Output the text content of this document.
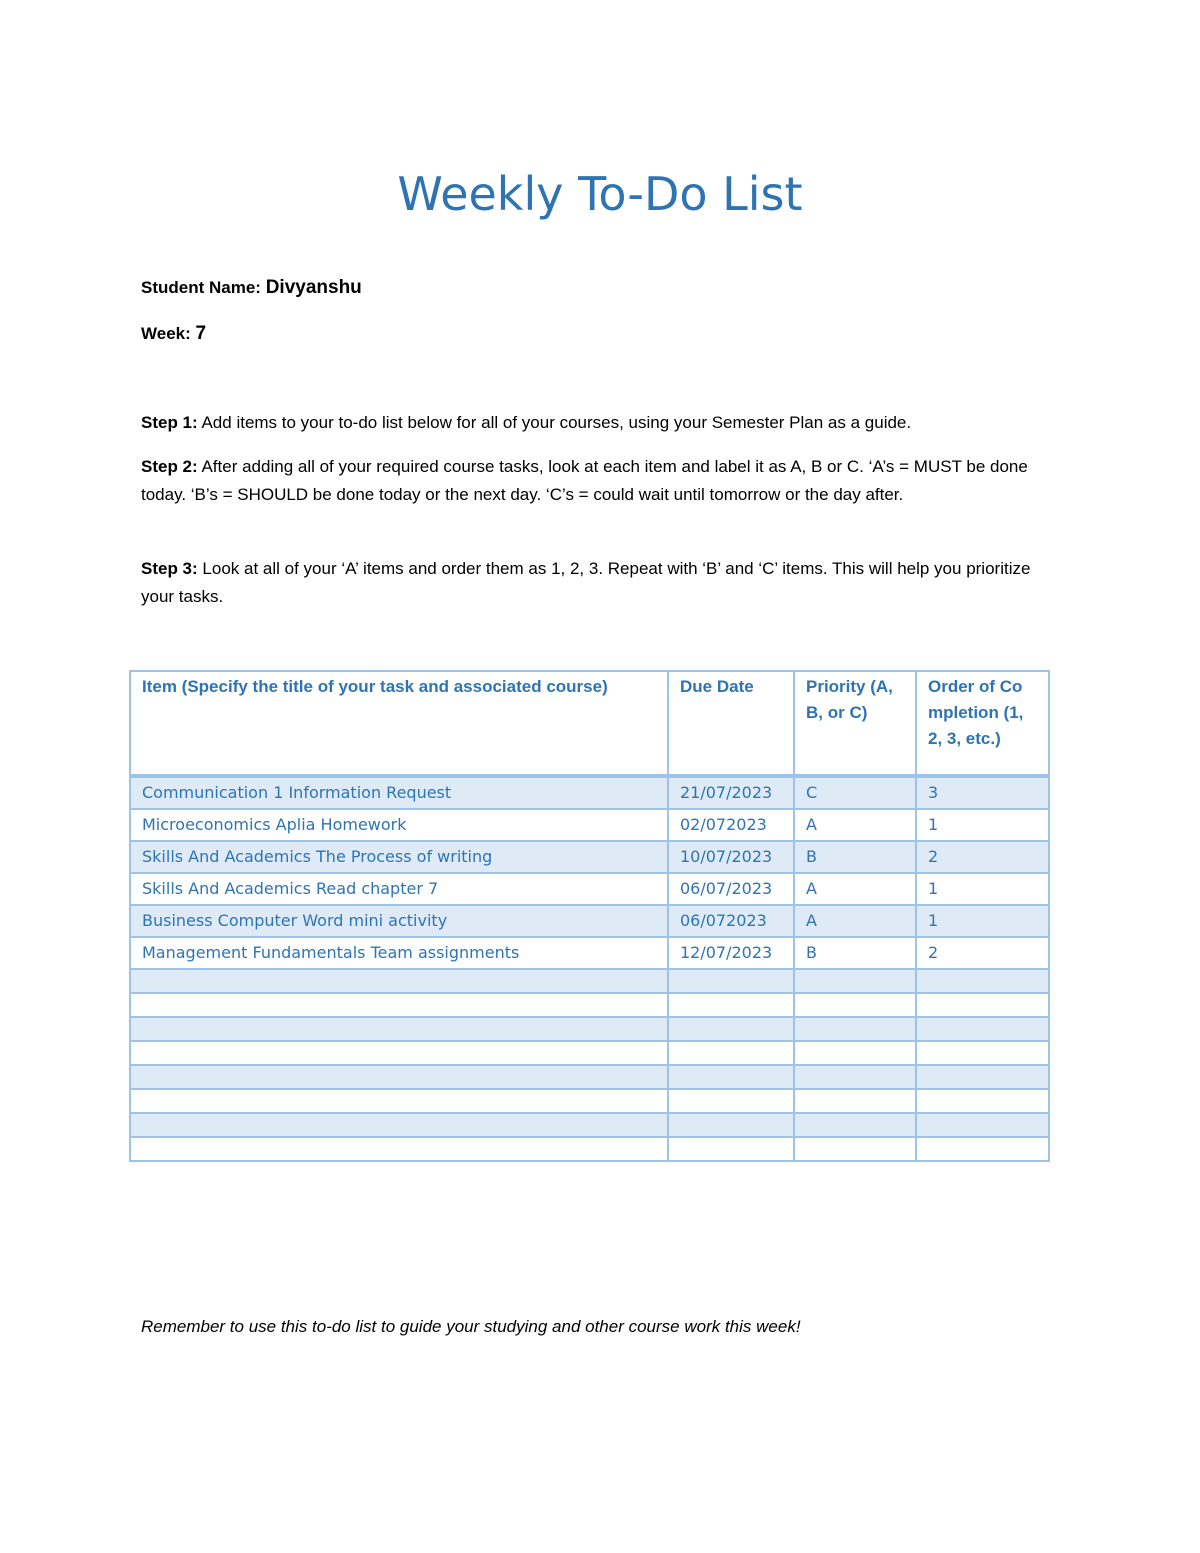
Weekly To-Do List
Student Name: Divyanshu
Week: 7
Step 1: Add items to your to-do list below for all of your courses, using your Semester Plan as a guide.
Step 2: After adding all of your required course tasks, look at each item and label it as A, B or C. ‘A’s = MUST be done today. ‘B’s = SHOULD be done today or the next day. ‘C’s = could wait until tomorrow or the day after.
Step 3: Look at all of your ‘A’ items and order them as 1, 2, 3. Repeat with ‘B’ and ‘C’ items. This will help you prioritize your tasks.
Item (Specify the title of your task and associated course)	Due Date	Priority (A, B, or C)	Order of Completion (1, 2, 3, etc.)
Communication 1 Information Request	21/07/2023	C	3
Microeconomics Aplia Homework	02/072023	A	1
Skills And Academics The Process of writing	10/07/2023	B	2
Skills And Academics Read chapter 7	06/07/2023	A	1
Business Computer Word mini activity	06/072023	A	1
Management Fundamentals Team assignments	12/07/2023	B	2

Remember to use this to-do list to guide your studying and other course work this week!
